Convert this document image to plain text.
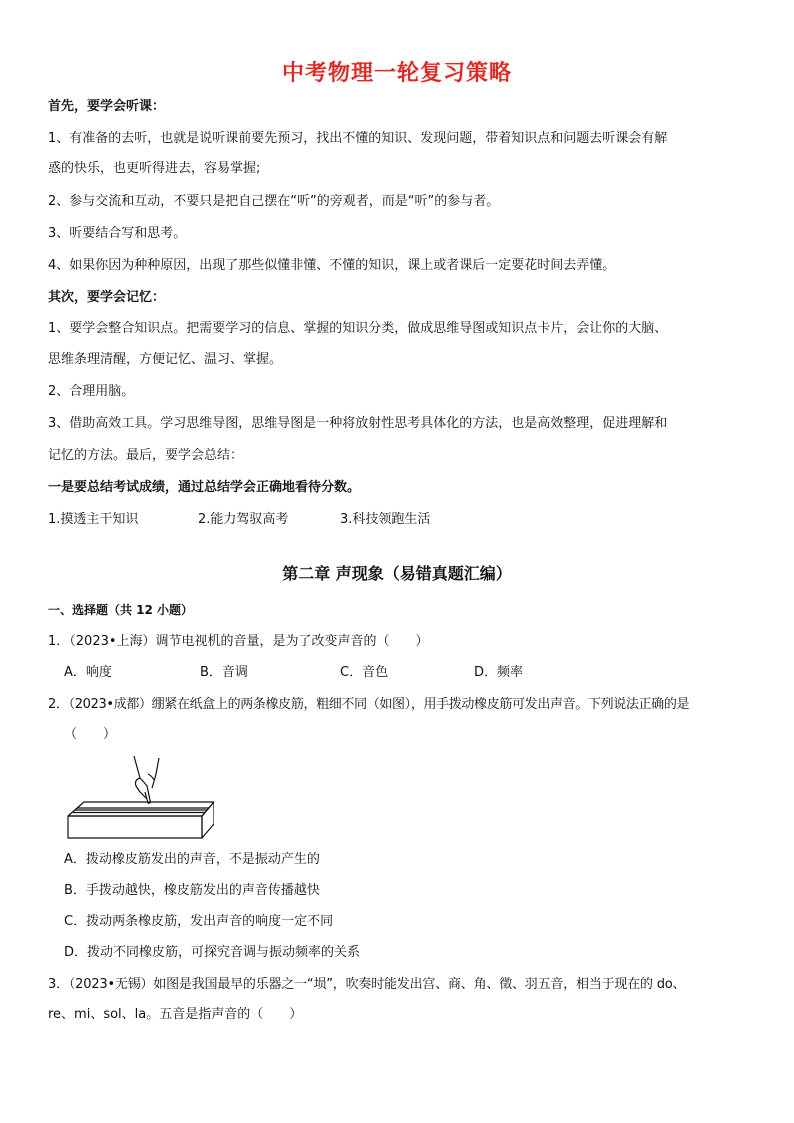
中考物理一轮复习策略
首先，要学会听课：
1、有准备的去听，也就是说听课前要先预习，找出不懂的知识、发现问题，带着知识点和问题去听课会有解
惑的快乐，也更听得进去，容易掌握;
2、参与交流和互动，不要只是把自己摆在“听”的旁观者，而是“听”的参与者。
3、听要结合写和思考。
4、如果你因为种种原因，出现了那些似懂非懂、不懂的知识，课上或者课后一定要花时间去弄懂。
其次，要学会记忆：
1、要学会整合知识点。把需要学习的信息、掌握的知识分类，做成思维导图或知识点卡片，会让你的大脑、
思维条理清醒，方便记忆、温习、掌握。
2、合理用脑。
3、借助高效工具。学习思维导图，思维导图是一种将放射性思考具体化的方法，也是高效整理，促进理解和
记忆的方法。最后，要学会总结：
一是要总结考试成绩，通过总结学会正确地看待分数。
1.摸透主干知识	2.能力驾驭高考	3.科技领跑生活
第二章 声现象（易错真题汇编）
一、选择题（共 12 小题）
1．（2023•上海）调节电视机的音量，是为了改变声音的（　　）
A．响度	B．音调	C．音色	D．频率
2．（2023•成都）绷紧在纸盒上的两条橡皮筋，粗细不同（如图），用手拨动橡皮筋可发出声音。下列说法正确的是
（　　）
A．拨动橡皮筋发出的声音，不是振动产生的
B．手拨动越快，橡皮筋发出的声音传播越快
C．拨动两条橡皮筋，发出声音的响度一定不同
D．拨动不同橡皮筋，可探究音调与振动频率的关系
3．（2023•无锡）如图是我国最早的乐器之一“埙”，吹奏时能发出宫、商、角、徵、羽五音，相当于现在的 do、
re、mi、sol、la。五音是指声音的（　　）
